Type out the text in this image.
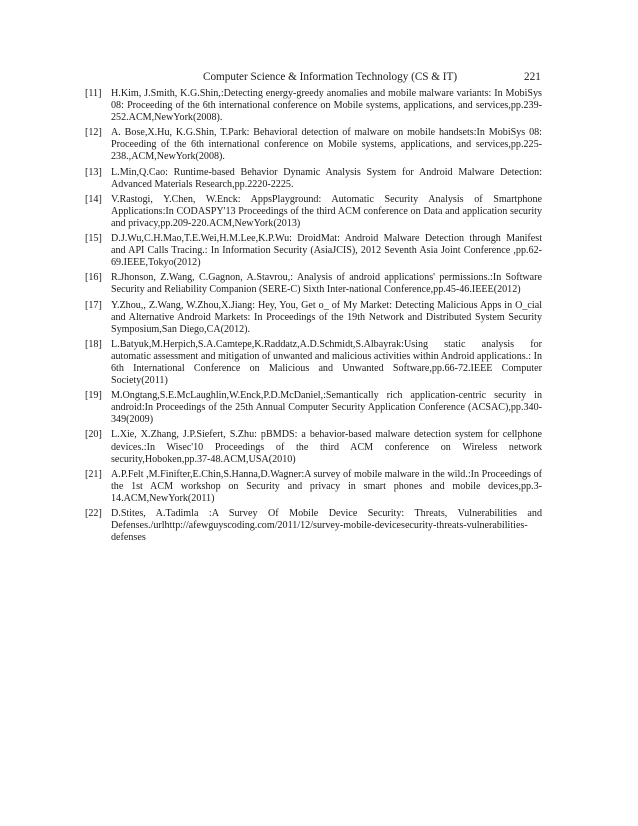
Computer Science & Information Technology (CS & IT)	221
[11] H.Kim, J.Smith, K.G.Shin,:Detecting energy-greedy anomalies and mobile malware variants: In MobiSys 08: Proceeding of the 6th international conference on Mobile systems, applications, and services,pp.239-252.ACM,NewYork(2008).
[12] A. Bose,X.Hu, K.G.Shin, T.Park: Behavioral detection of malware on mobile handsets:In MobiSys 08: Proceeding of the 6th international conference on Mobile systems, applications, and services,pp.225-238.,ACM,NewYork(2008).
[13] L.Min,Q.Cao: Runtime-based Behavior Dynamic Analysis System for Android Malware Detection: Advanced Materials Research,pp.2220-2225.
[14] V.Rastogi, Y.Chen, W.Enck: AppsPlayground: Automatic Security Analysis of Smartphone Applications:In CODASPY'13 Proceedings of the third ACM conference on Data and application security and privacy,pp.209-220.ACM,NewYork(2013)
[15] D.J.Wu,C.H.Mao,T.E.Wei,H.M.Lee,K.P.Wu: DroidMat: Android Malware Detection through Manifest and API Calls Tracing.: In Information Security (AsiaJCIS), 2012 Seventh Asia Joint Conference ,pp.62-69.IEEE,Tokyo(2012)
[16] R.Jhonson, Z.Wang, C.Gagnon, A.Stavrou,: Analysis of android applications' permissions.:In Software Security and Reliability Companion (SERE-C) Sixth Inter-national Conference,pp.45-46.IEEE(2012)
[17] Y.Zhou,, Z.Wang, W.Zhou,X.Jiang: Hey, You, Get o_ of My Market: Detecting Malicious Apps in O_cial and Alternative Android Markets: In Proceedings of the 19th Network and Distributed System Security Symposium,San Diego,CA(2012).
[18] L.Batyuk,M.Herpich,S.A.Camtepe,K.Raddatz,A.D.Schmidt,S.Albayrak:Using static analysis for automatic assessment and mitigation of unwanted and malicious activities within Android applications.: In 6th International Conference on Malicious and Unwanted Software,pp.66-72.IEEE Computer Society(2011)
[19] M.Ongtang,S.E.McLaughlin,W.Enck,P.D.McDaniel,:Semantically rich application-centric security in android:In Proceedings of the 25th Annual Computer Security Application Conference (ACSAC),pp.340-349(2009)
[20] L.Xie, X.Zhang, J.P.Siefert, S.Zhu: pBMDS: a behavior-based malware detection system for cellphone devices.:In Wisec'10 Proceedings of the third ACM conference on Wireless network security,Hoboken,pp.37-48.ACM,USA(2010)
[21] A.P.Felt ,M.Finifter,E.Chin,S.Hanna,D.Wagner:A survey of mobile malware in the wild.:In Proceedings of the 1st ACM workshop on Security and privacy in smart phones and mobile devices,pp.3-14.ACM,NewYork(2011)
[22] D.Stites, A.Tadimla :A Survey Of Mobile Device Security: Threats, Vulnerabilities and Defenses./urlhttp://afewguyscoding.com/2011/12/survey-mobile-devicesecurity-threats-vulnerabilities-defenses
